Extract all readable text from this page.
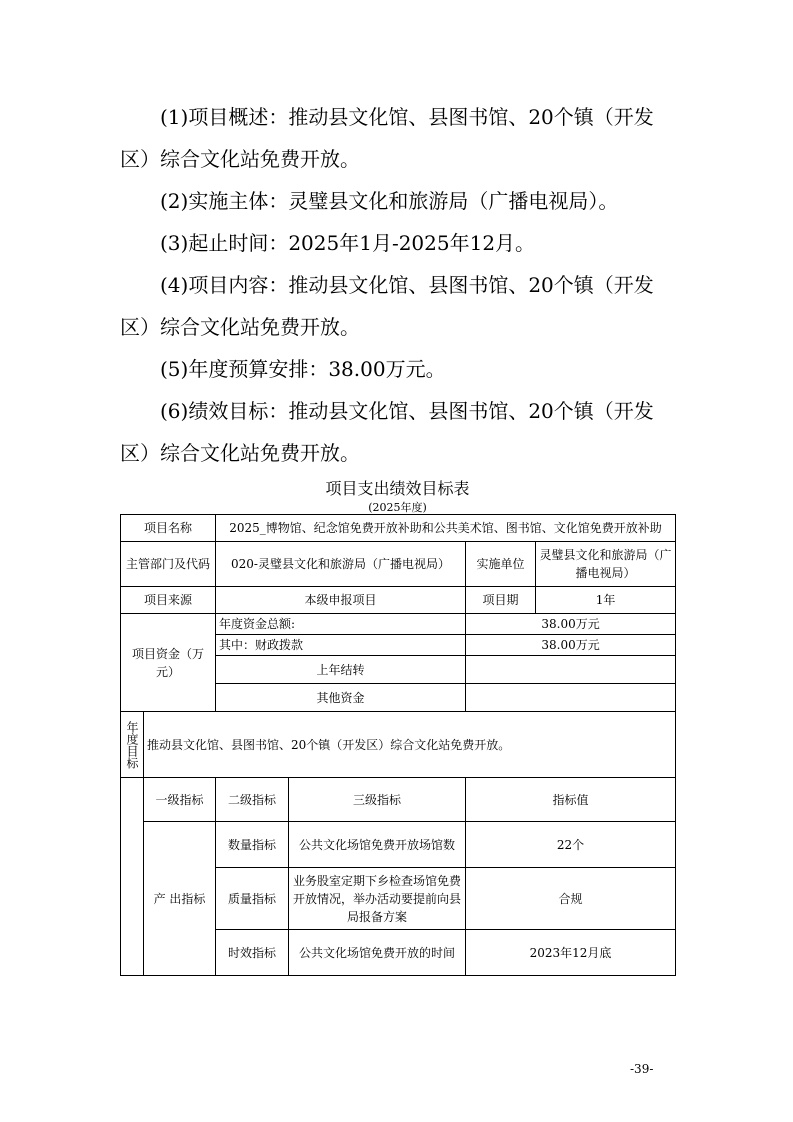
(1)项目概述：推动县文化馆、县图书馆、20个镇（开发区）综合文化站免费开放。
(2)实施主体：灵璧县文化和旅游局（广播电视局）。
(3)起止时间：2025年1月-2025年12月。
(4)项目内容：推动县文化馆、县图书馆、20个镇（开发区）综合文化站免费开放。
(5)年度预算安排：38.00万元。
(6)绩效目标：推动县文化馆、县图书馆、20个镇（开发区）综合文化站免费开放。
项目支出绩效目标表
(2025年度)
项目名称		2025_博物馆、纪念馆免费开放补助和公共美术馆、图书馆、文化馆免费开放补助			
主管部门及代码		020-灵璧县文化和旅游局（广播电视局）		实施单位	灵璧县文化和旅游局（广播电视局）
项目来源		本级申报项目		项目期	1年
项目资金（万元）		年度资金总额:		38.00万元	
		其中：财政拨款		38.00万元	
		上年结转			
		其他资金			
年度目标	推动县文化馆、县图书馆、20个镇（开发区）综合文化站免费开放。				
	一级指标	二级指标	三级指标	指标值	
	产 出指标	数量指标	公共文化场馆免费开放场馆数	22个	
		质量指标	业务股室定期下乡检查场馆免费开放情况，举办活动要提前向县局报备方案	合规	
		时效指标	公共文化场馆免费开放的时间	2023年12月底	
-39-
